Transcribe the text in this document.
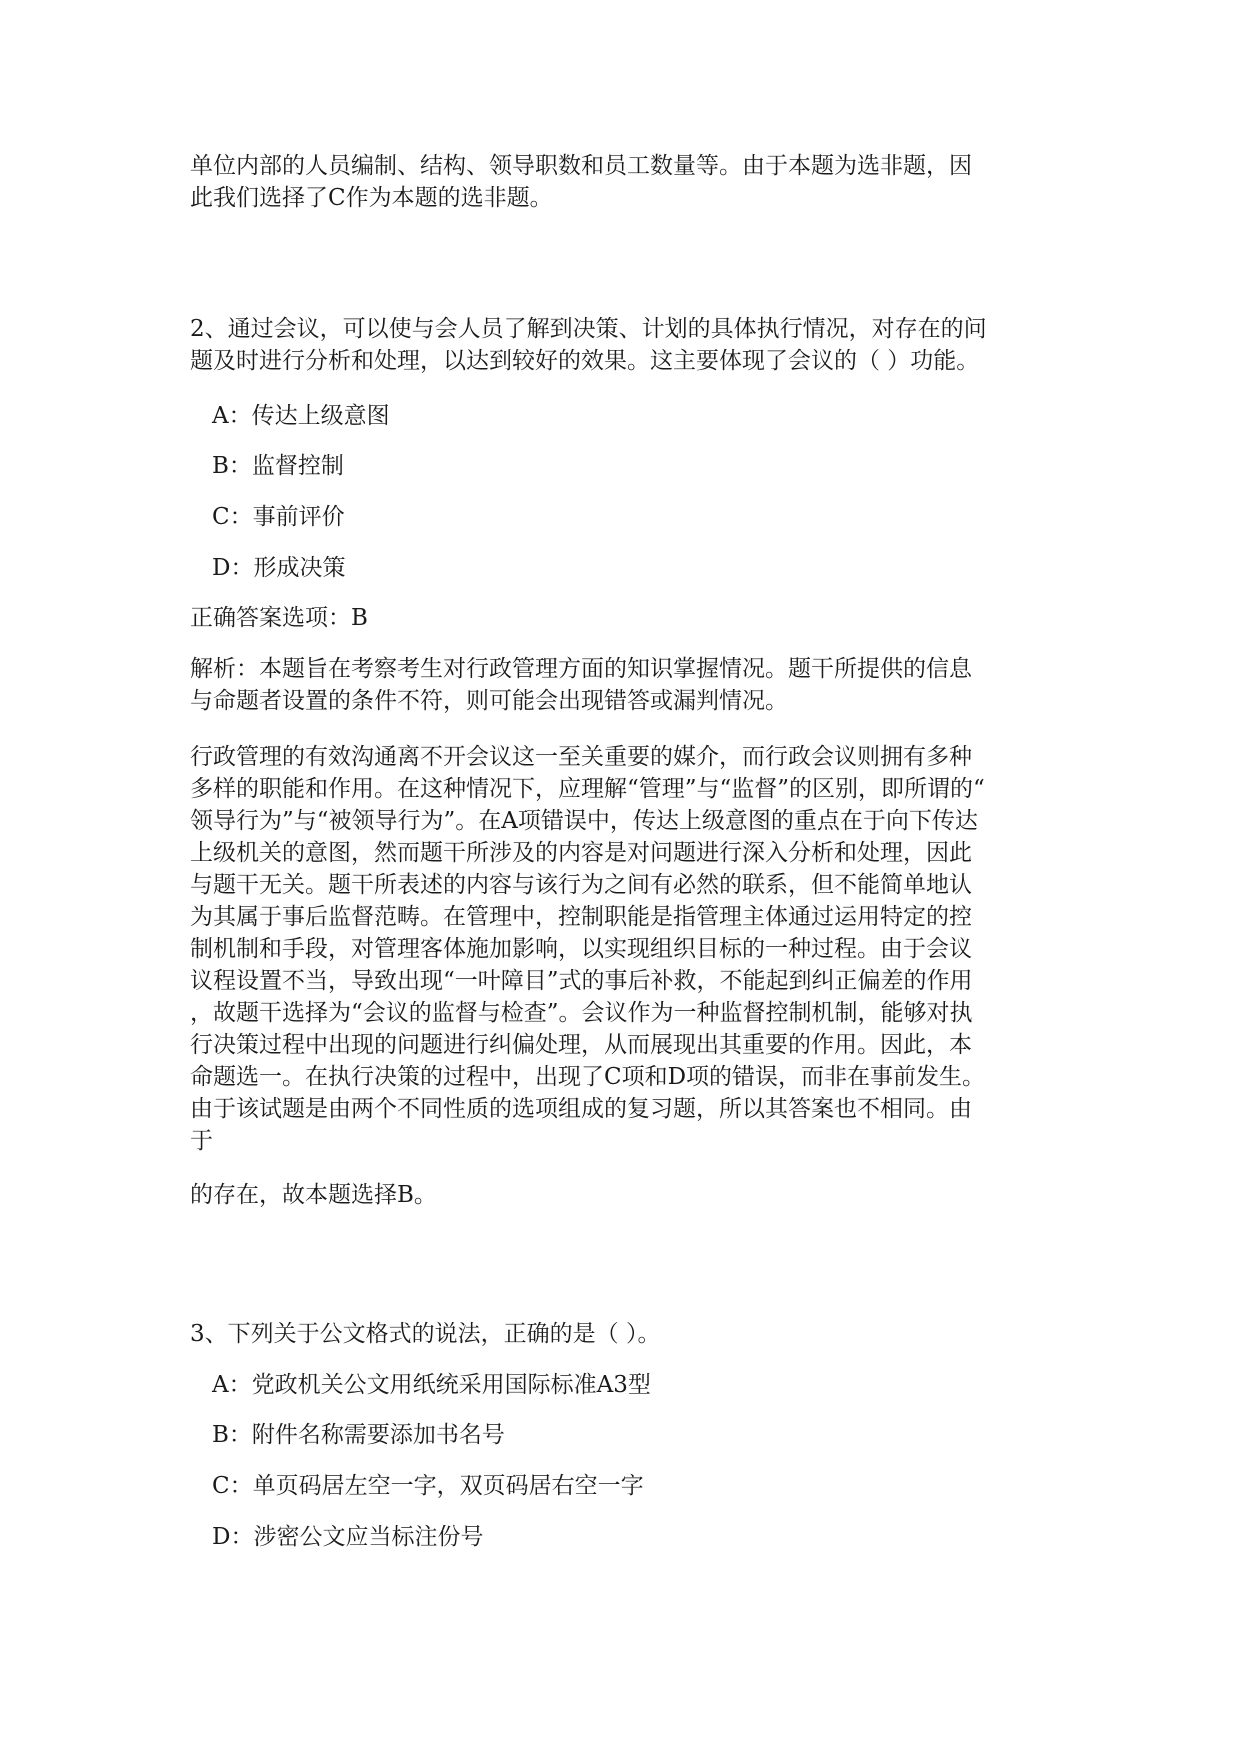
单位内部的人员编制、结构、领导职数和员工数量等。由于本题为选非题，因
此我们选择了C作为本题的选非题。

2、通过会议，可以使与会人员了解到决策、计划的具体执行情况，对存在的问
题及时进行分析和处理，以达到较好的效果。这主要体现了会议的（ ）功能。

A：传达上级意图

B：监督控制

C：事前评价

D：形成决策

正确答案选项：B

解析：本题旨在考察考生对行政管理方面的知识掌握情况。题干所提供的信息
与命题者设置的条件不符，则可能会出现错答或漏判情况。

行政管理的有效沟通离不开会议这一至关重要的媒介，而行政会议则拥有多种
多样的职能和作用。在这种情况下，应理解“管理”与“监督”的区别，即所谓的“
领导行为”与“被领导行为”。在A项错误中，传达上级意图的重点在于向下传达
上级机关的意图，然而题干所涉及的内容是对问题进行深入分析和处理，因此
与题干无关。题干所表述的内容与该行为之间有必然的联系，但不能简单地认
为其属于事后监督范畴。在管理中，控制职能是指管理主体通过运用特定的控
制机制和手段，对管理客体施加影响，以实现组织目标的一种过程。由于会议
议程设置不当，导致出现“一叶障目”式的事后补救，不能起到纠正偏差的作用
，故题干选择为“会议的监督与检查”。会议作为一种监督控制机制，能够对执
行决策过程中出现的问题进行纠偏处理，从而展现出其重要的作用。因此，本
命题选一。在执行决策的过程中，出现了C项和D项的错误，而非在事前发生。
由于该试题是由两个不同性质的选项组成的复习题，所以其答案也不相同。由
于

的存在，故本题选择B。

3、下列关于公文格式的说法，正确的是（ ）。

A：党政机关公文用纸统采用国际标准A3型

B：附件名称需要添加书名号

C：单页码居左空一字，双页码居右空一字

D：涉密公文应当标注份号
